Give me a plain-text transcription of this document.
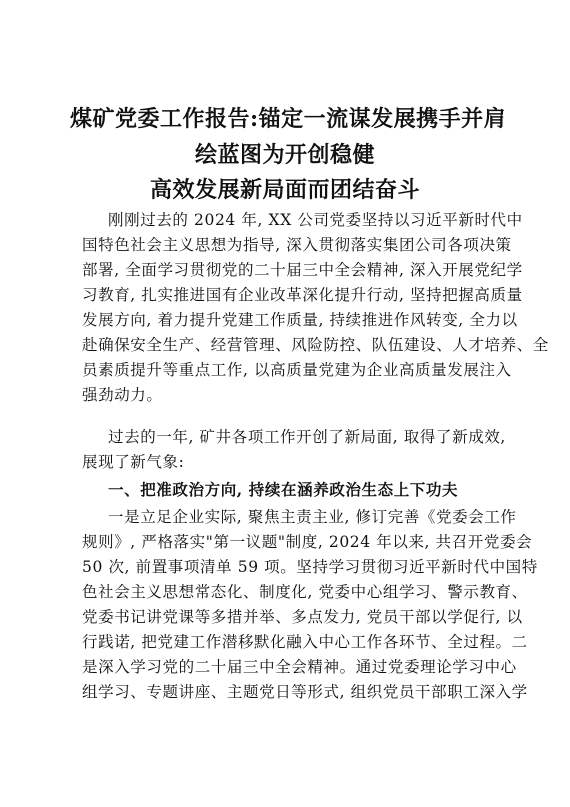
煤矿党委工作报告:锚定一流谋发展携手并肩
绘蓝图为开创稳健
高效发展新局面而团结奋斗
刚刚过去的 2024 年, XX 公司党委坚持以习近平新时代中
国特色社会主义思想为指导, 深入贯彻落实集团公司各项决策
部署, 全面学习贯彻党的二十届三中全会精神, 深入开展党纪学
习教育, 扎实推进国有企业改革深化提升行动, 坚持把握高质量
发展方向, 着力提升党建工作质量, 持续推进作风转变, 全力以
赴确保安全生产、经营管理、风险防控、队伍建设、人才培养、全
员素质提升等重点工作, 以高质量党建为企业高质量发展注入
强劲动力。
过去的一年, 矿井各项工作开创了新局面, 取得了新成效,
展现了新气象:
一、把准政治方向, 持续在涵养政治生态上下功夫
一是立足企业实际, 聚焦主责主业, 修订完善《党委会工作
规则》, 严格落实"第一议题"制度, 2024 年以来, 共召开党委会
50 次, 前置事项清单 59 项。坚持学习贯彻习近平新时代中国特
色社会主义思想常态化、制度化, 党委中心组学习、警示教育、
党委书记讲党课等多措并举、多点发力, 党员干部以学促行, 以
行践诺, 把党建工作潜移默化融入中心工作各环节、全过程。二
是深入学习党的二十届三中全会精神。通过党委理论学习中心
组学习、专题讲座、主题党日等形式, 组织党员干部职工深入学
